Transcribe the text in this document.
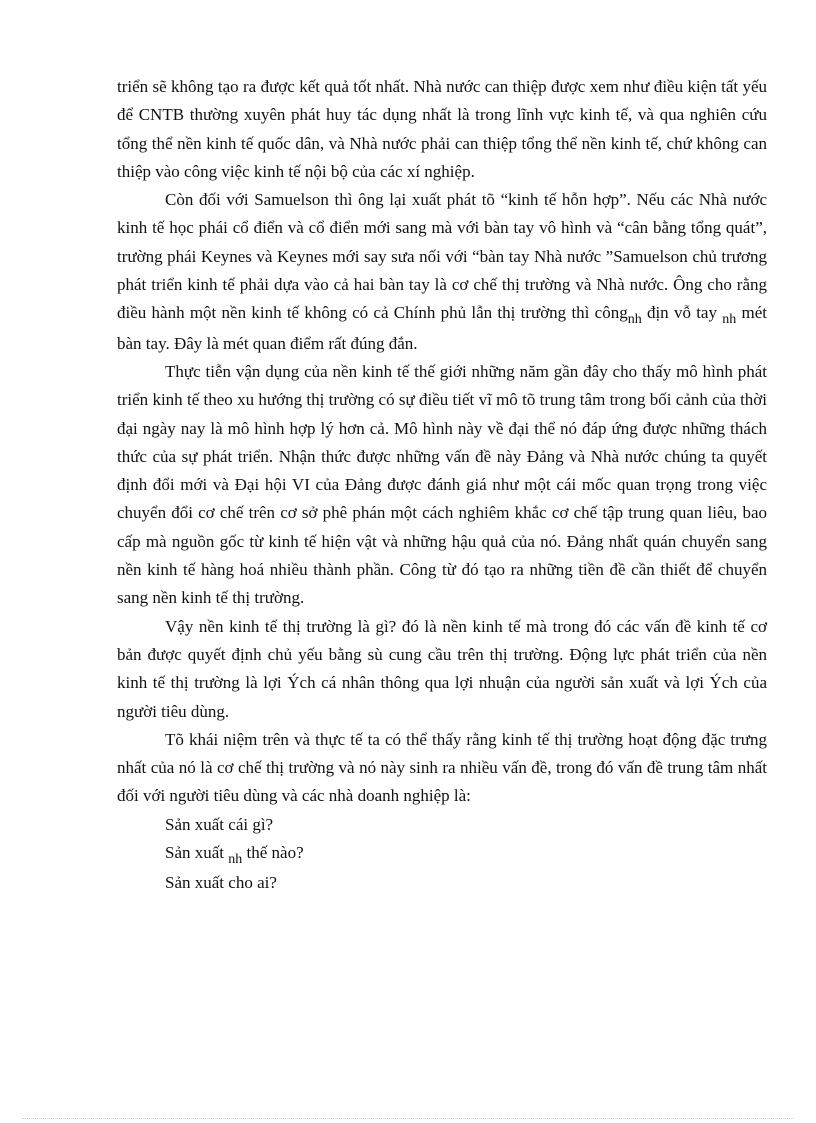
triển sẽ không tạo ra được kết quả tốt nhất. Nhà nước can thiệp được xem như điều kiện tất yếu để CNTB thường xuyên phát huy tác dụng nhất là trong lĩnh vực kinh tế, và qua nghiên cứu tổng thể nền kinh tế quốc dân, và Nhà nước phải can thiệp tổng thể nền kinh tế, chứ không can thiệp vào công việc kinh tế nội bộ của các xí nghiệp.

Còn đối với Samuelson thì ông lại xuất phát tõ “kinh tế hỗn hợp”. Nếu các Nhà nước kinh tế học phái cổ điển và cổ điển mới sang mà với bàn tay vô hình và “cân bằng tổng quát”, trường phái Keynes và Keynes mới say sưa nối với “bàn tay Nhà nước ”Samuelson chủ trương phát triển kinh tế phải dựa vào cả hai bàn tay là cơ chế thị trường và Nhà nước. Ông cho rằng điều hành một nền kinh tế không có cả Chính phủ lẫn thị trường thì công$_{nh}$ địn vỗ tay $_{nh}$ mét bàn tay. Đây là mét quan điểm rất đúng đắn.

Thực tiễn vận dụng của nền kinh tế thế giới những năm gần đây cho thấy mô hình phát triển kinh tế theo xu hướng thị trường có sự điều tiết vĩ mô tõ trung tâm trong bối cảnh của thời đại ngày nay là mô hình hợp lý hơn cả. Mô hình này về đại thể nó đáp ứng được những thách thức của sự phát triển. Nhận thức được những vấn đề này Đảng và Nhà nước chúng ta quyết định đổi mới và Đại hội VI của Đảng được đánh giá như một cái mốc quan trọng trong việc chuyển đổi cơ chế trên cơ sở phê phán một cách nghiêm khắc cơ chế tập trung quan liêu, bao cấp mà nguồn gốc từ kinh tế hiện vật và những hậu quả của nó. Đảng nhất quán chuyển sang nền kinh tế hàng hoá nhiều thành phần. Công từ đó tạo ra những tiền đề cần thiết để chuyển sang nền kinh tế thị trường.

Vậy nền kinh tế thị trường là gì? đó là nền kinh tế mà trong đó các vấn đề kinh tế cơ bản được quyết định chủ yếu bằng sù cung cầu trên thị trường. Động lực phát triển của nền kinh tế thị trường là lợi Ých cá nhân thông qua lợi nhuận của người sản xuất và lợi Ých của người tiêu dùng.

Tõ khái niệm trên và thực tế ta có thể thấy rằng kinh tế thị trường hoạt động đặc trưng nhất của nó là cơ chế thị trường và nó này sinh ra nhiều vấn đề, trong đó vấn đề trung tâm nhất đối với người tiêu dùng và các nhà doanh nghiệp là:

Sản xuất cái gì?
Sản xuất $_{nh}$ thế nào?
Sản xuất cho ai?
